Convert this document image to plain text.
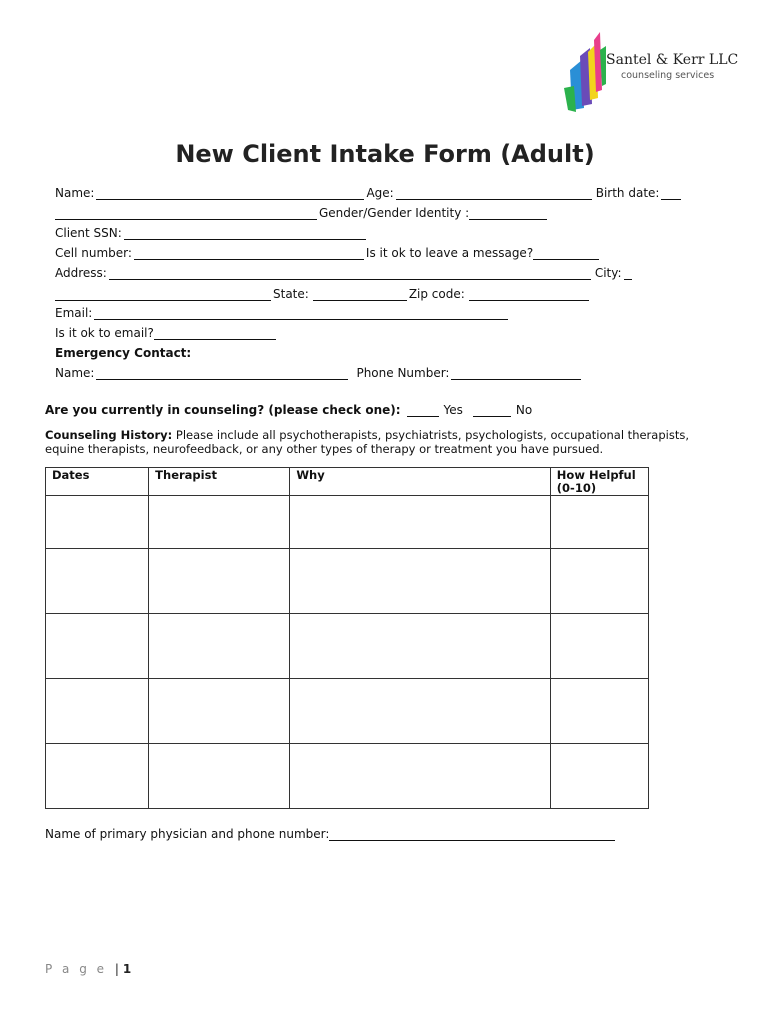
Santel & Kerr LLC
counseling services
New Client Intake Form (Adult)
Name:	Age:	Birth date:
Gender/Gender Identity :
Client SSN:
Cell number:	Is it ok to leave a message?
Address:	City:
State:	Zip code:
Email:
Is it ok to email?
Emergency Contact:
Name:	Phone Number:
Are you currently in counseling? (please check one):	Yes	No
Counseling History: Please include all psychotherapists, psychiatrists, psychologists, occupational therapists, equine therapists, neurofeedback, or any other types of therapy or treatment you have pursued.
Dates	Therapist	Why	How Helpful (0-10)

Name of primary physician and phone number:
P a g e | 1
